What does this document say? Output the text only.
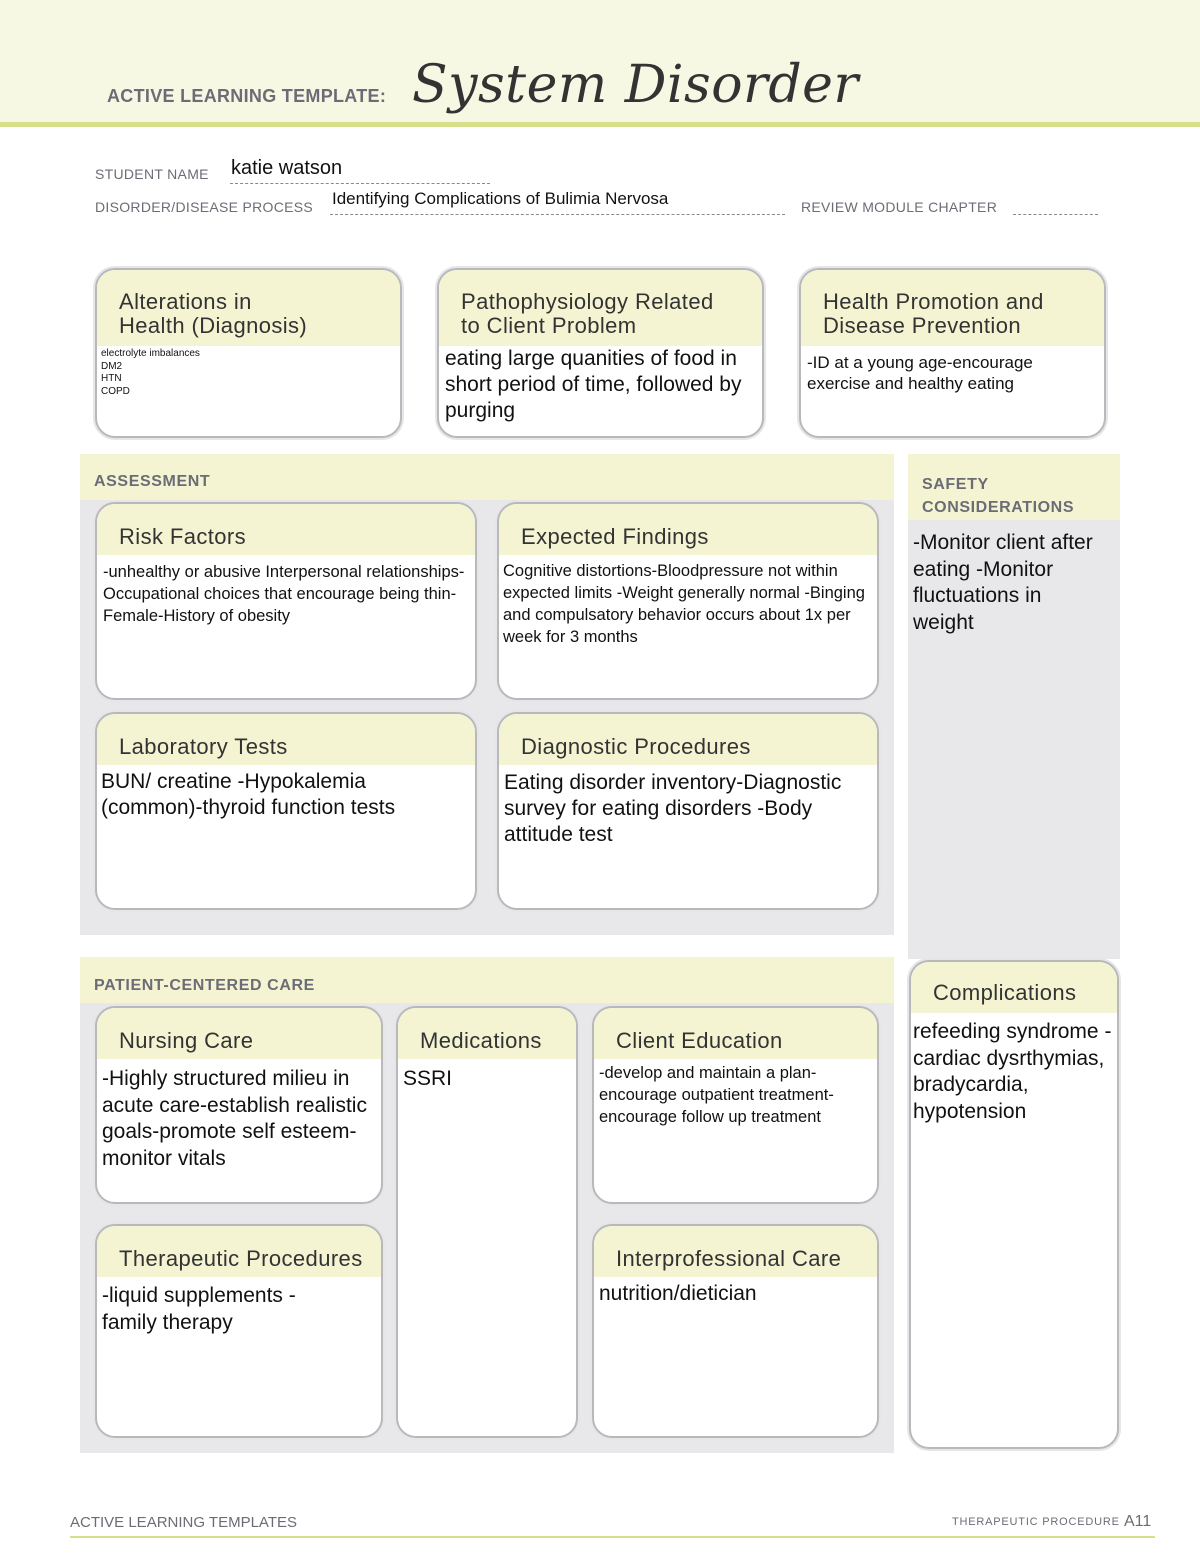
ACTIVE LEARNING TEMPLATE: System Disorder
STUDENT NAME katie watson
DISORDER/DISEASE PROCESS Identifying Complications of Bulimia Nervosa	REVIEW MODULE CHAPTER
Alterations in
Health (Diagnosis)
electrolyte imbalances
DM2
HTN
COPD
Pathophysiology Related
to Client Problem
eating large quanities of food in short period of time, followed by purging
Health Promotion and
Disease Prevention
-ID at a young age-encourage exercise and healthy eating
ASSESSMENT
Risk Factors
-unhealthy or abusive Interpersonal relationships-Occupational choices that encourage being thin-Female-History of obesity
Expected Findings
Cognitive distortions-Bloodpressure not within expected limits -Weight generally normal -Binging and compulsatory behavior occurs about 1x per week for 3 months
Laboratory Tests
BUN/ creatine -Hypokalemia (common)-thyroid function tests
Diagnostic Procedures
Eating disorder inventory-Diagnostic survey for eating disorders -Body attitude test
SAFETY
CONSIDERATIONS
-Monitor client after eating -Monitor fluctuations in weight
PATIENT-CENTERED CARE
Nursing Care
-Highly structured milieu in acute care-establish realistic goals-promote self esteem-monitor vitals
Medications
SSRI
Client Education
-develop and maintain a plan-encourage outpatient treatment-encourage follow up treatment
Therapeutic Procedures
-liquid supplements -family therapy
Interprofessional Care
nutrition/dietician
Complications
refeeding syndrome -cardiac dysrthymias, bradycardia, hypotension
ACTIVE LEARNING TEMPLATES	THERAPEUTIC PROCEDURE A11
